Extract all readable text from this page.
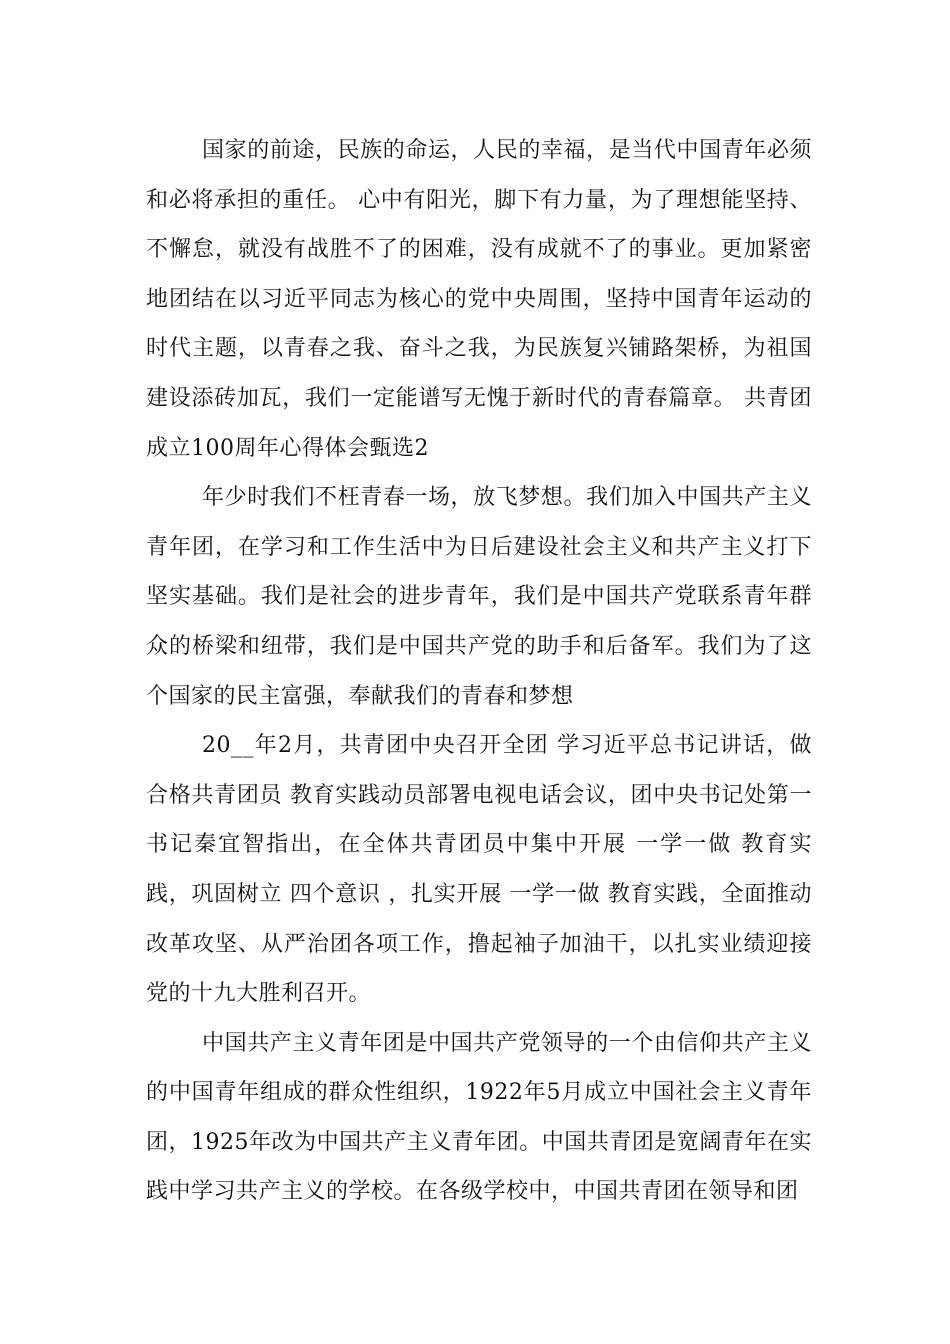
国家的前途，民族的命运，人民的幸福，是当代中国青年必须和必将承担的重任。 心中有阳光，脚下有力量，为了理想能坚持、不懈怠，就没有战胜不了的困难，没有成就不了的事业。更加紧密地团结在以习近平同志为核心的党中央周围，坚持中国青年运动的时代主题，以青春之我、奋斗之我，为民族复兴铺路架桥，为祖国建设添砖加瓦，我们一定能谱写无愧于新时代的青春篇章。 共青团成立100周年心得体会甄选2

年少时我们不枉青春一场，放飞梦想。我们加入中国共产主义青年团，在学习和工作生活中为日后建设社会主义和共产主义打下坚实基础。我们是社会的进步青年，我们是中国共产党联系青年群众的桥梁和纽带，我们是中国共产党的助手和后备军。我们为了这个国家的民主富强，奉献我们的青春和梦想

20__年2月，共青团中央召开全团 学习近平总书记讲话，做合格共青团员 教育实践动员部署电视电话会议，团中央书记处第一书记秦宜智指出，在全体共青团员中集中开展 一学一做 教育实践，巩固树立 四个意识 ，扎实开展 一学一做 教育实践，全面推动改革攻坚、从严治团各项工作，撸起袖子加油干，以扎实业绩迎接党的十九大胜利召开。

中国共产主义青年团是中国共产党领导的一个由信仰共产主义的中国青年组成的群众性组织，1922年5月成立中国社会主义青年团，1925年改为中国共产主义青年团。中国共青团是宽阔青年在实践中学习共产主义的学校。在各级学校中，中国共青团在领导和团
